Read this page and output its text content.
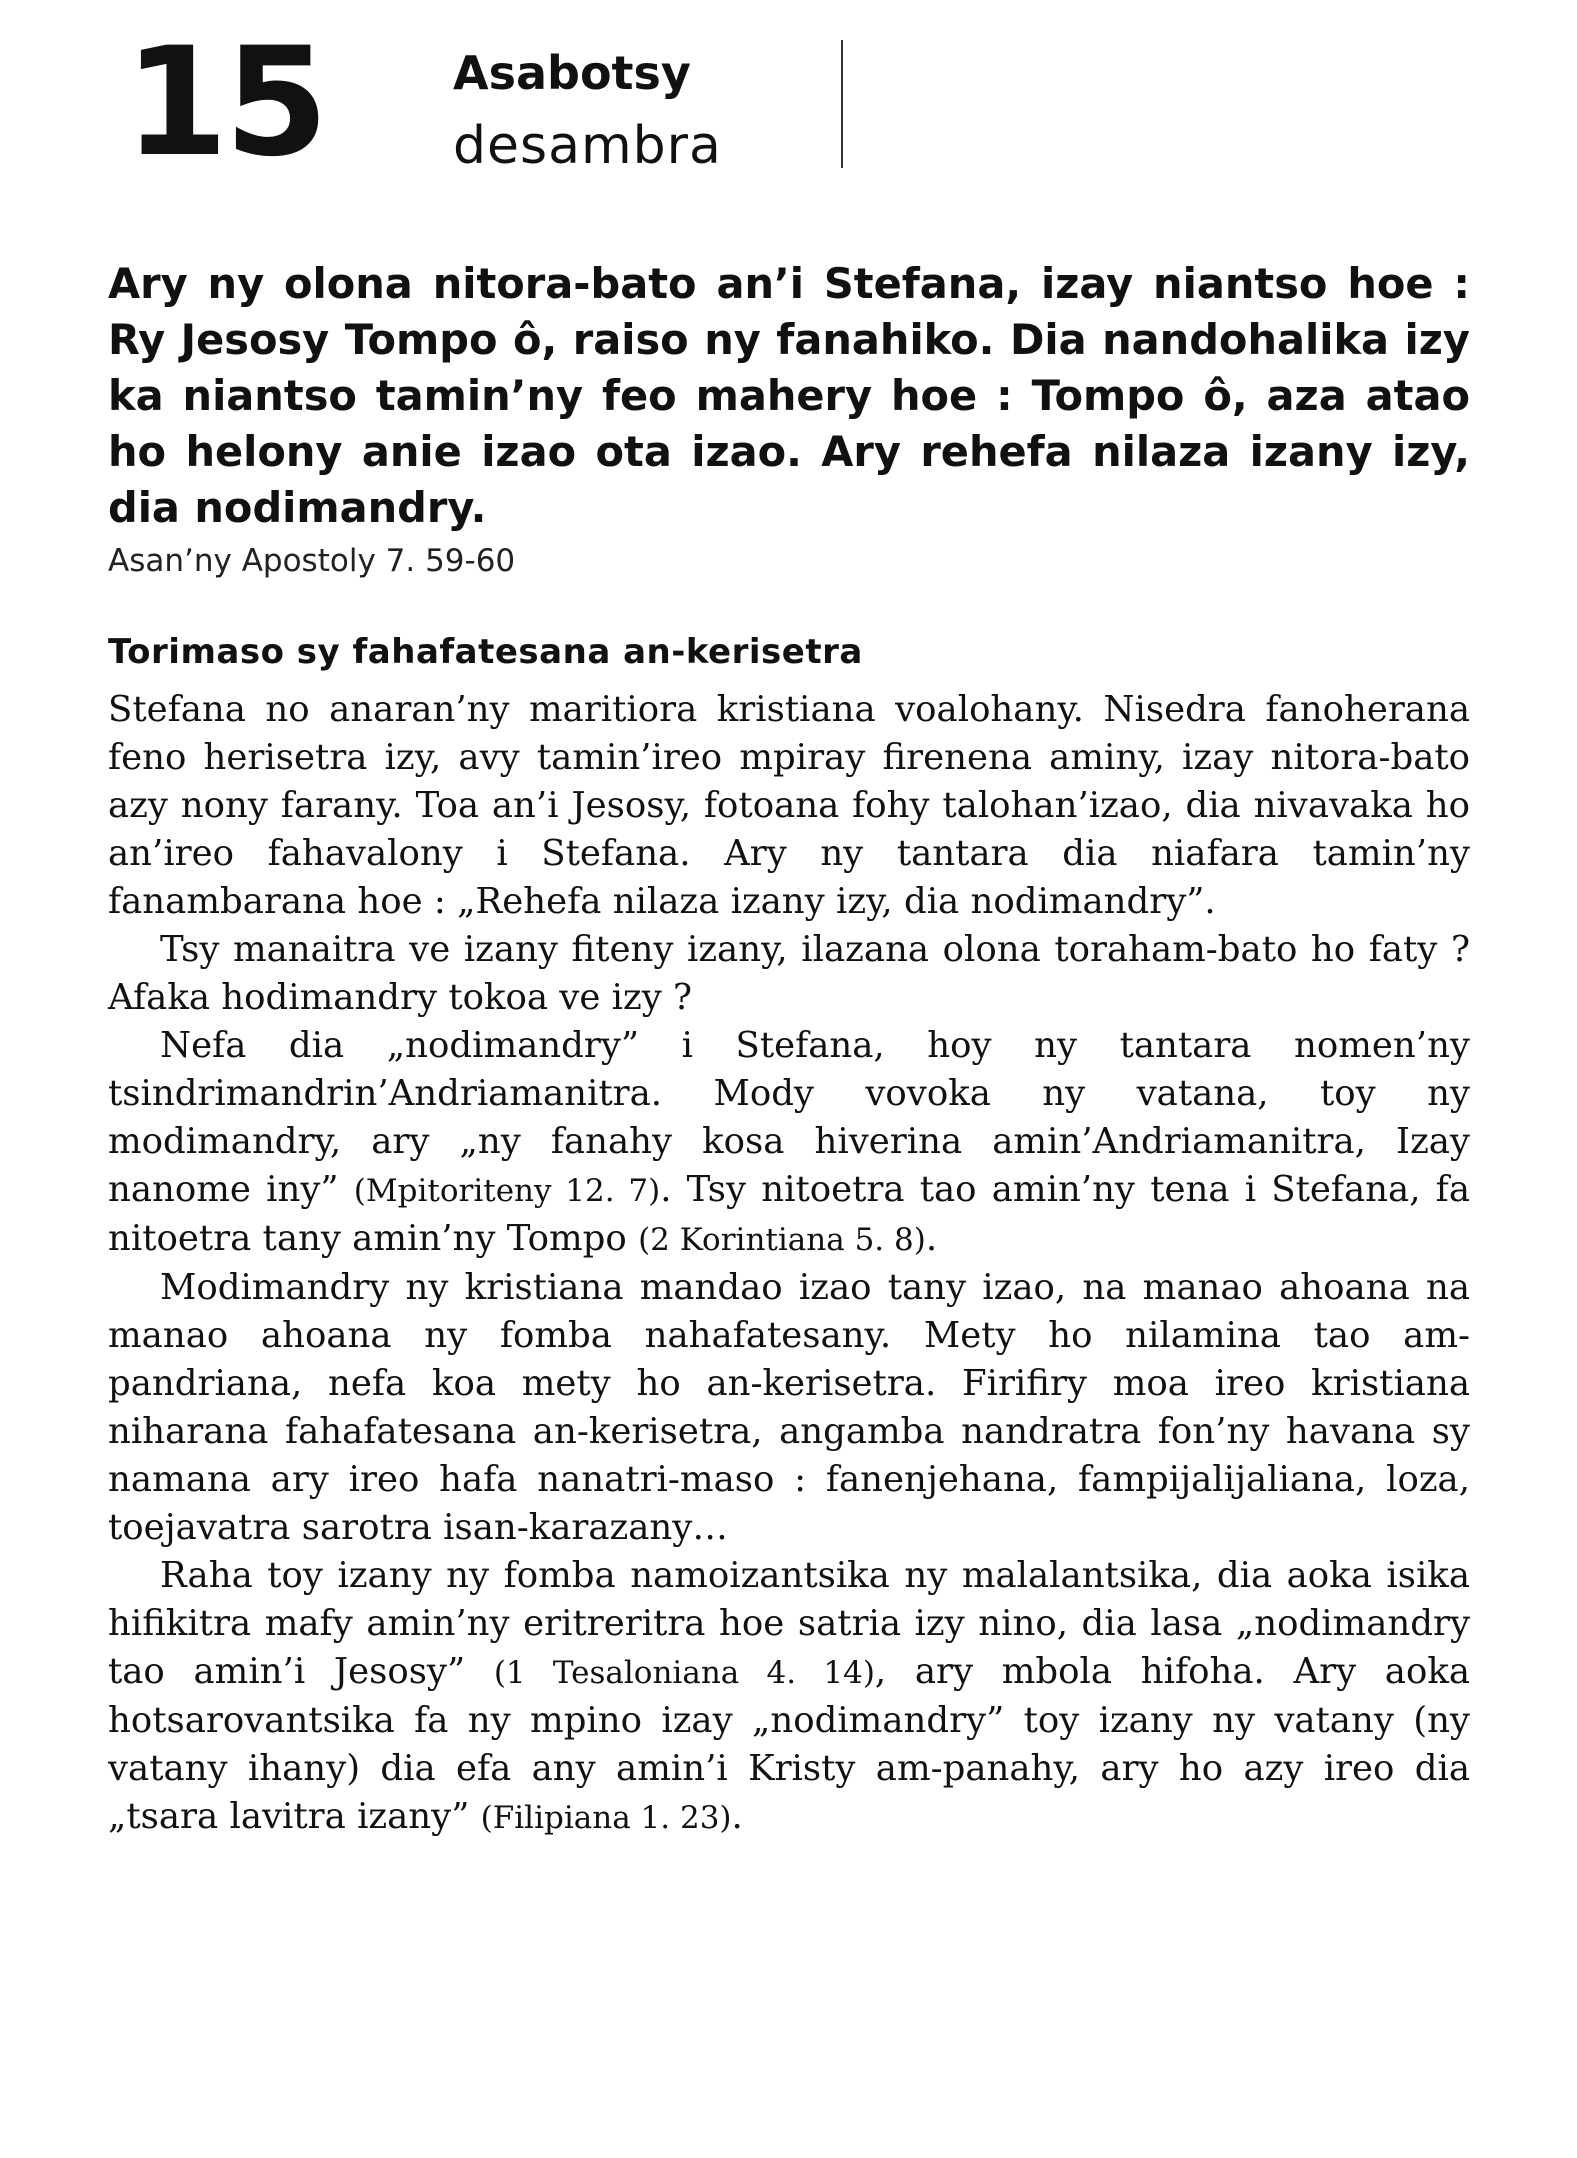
15	Asabotsy
desambra
Ary ny olona nitora-bato an’i Stefana, izay niantso hoe : Ry Jesosy Tompo ô, raiso ny fanahiko. Dia nandohalika izy ka niantso tamin’ny feo mahery hoe : Tompo ô, aza atao ho helony anie izao ota izao. Ary rehefa nilaza izany izy, dia nodimandry.
Asan’ny Apostoly 7. 59-60
Torimaso sy fahafatesana an-kerisetra

Stefana no anaran’ny maritiora kristiana voalohany. Nisedra fanoherana feno herisetra izy, avy tamin’ireo mpiray firenena aminy, izay nitora-bato azy nony farany. Toa an’i Jesosy, fotoana fohy talohan’izao, dia nivavaka ho an’ireo fahavalony i Stefana. Ary ny tantara dia niafara tamin’ny fanambarana hoe : „Rehefa nilaza izany izy, dia nodimandry”.

Tsy manaitra ve izany fiteny izany, ilazana olona toraham-bato ho faty ? Afaka hodimandry tokoa ve izy ?

Nefa dia „nodimandry” i Stefana, hoy ny tantara nomen’ny tsindrimandrin’Andriamanitra. Mody vovoka ny vatana, toy ny modimandry, ary „ny fanahy kosa hiverina amin’Andriamanitra, Izay nanome iny” (Mpitoriteny 12. 7). Tsy nitoetra tao amin’ny tena i Stefana, fa nitoetra tany amin’ny Tompo (2 Korintiana 5. 8).

Modimandry ny kristiana mandao izao tany izao, na manao ahoana na manao ahoana ny fomba nahafatesany. Mety ho nilamina tao am-pandriana, nefa koa mety ho an-kerisetra. Firifiry moa ireo kristiana niharana fahafatesana an-kerisetra, angamba nandratra fon’ny havana sy namana ary ireo hafa nanatri-maso : fanenjehana, fampijalijaliana, loza, toejavatra sarotra isan-karazany…

Raha toy izany ny fomba namoizantsika ny malalantsika, dia aoka isika hifikitra mafy amin’ny eritreritra hoe satria izy nino, dia lasa „nodimandry tao amin’i Jesosy” (1 Tesaloniana 4. 14), ary mbola hifoha. Ary aoka hotsarovantsika fa ny mpino izay „nodimandry” toy izany ny vatany (ny vatany ihany) dia efa any amin’i Kristy am-panahy, ary ho azy ireo dia „tsara lavitra izany” (Filipiana 1. 23).
